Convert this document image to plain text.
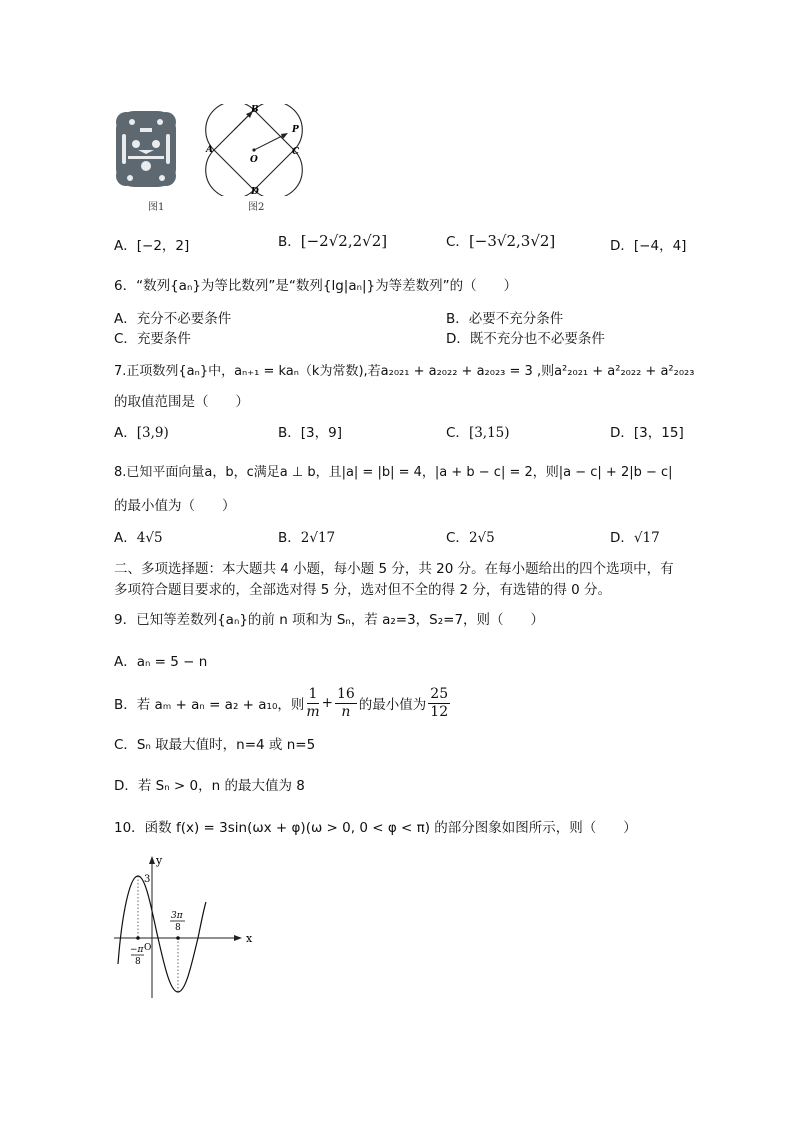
图1
B
P
C
A
O
D
图2
A．[−2，2]	B．[−2√2,2√2]	C．[−3√2,3√2]	D．[−4，4]
6．“数列{aₙ}为等比数列”是“数列{lg|aₙ|}为等差数列”的（　　）
A．充分不必要条件	B．必要不充分条件
C．充要条件	D．既不充分也不必要条件
7.正项数列{aₙ}中，aₙ₊₁ = kaₙ（k为常数),若a₂₀₂₁ + a₂₀₂₂ + a₂₀₂₃ = 3 ,则a²₂₀₂₁ + a²₂₀₂₂ + a²₂₀₂₃
的取值范围是（　　）
A．[3,9)	B．[3，9]	C．[3,15)	D．[3，15]
8.已知平面向量a，b，c满足a ⊥ b，且|a| = |b| = 4，|a + b − c| = 2，则|a − c| + 2|b − c|
的最小值为（　　）
A．4√5	B．2√17	C．2√5	D．√17
二、多项选择题：本大题共 4 小题，每小题 5 分，共 20 分。在每小题给出的四个选项中，有
多项符合题目要求的，全部选对得 5 分，选对但不全的得 2 分，有选错的得 0 分。
9．已知等差数列{aₙ}的前 n 项和为 Sₙ，若 a₂=3，S₂=7，则（　　）
A．aₙ = 5 − n
B．若 aₘ + aₙ = a₂ + a₁₀，则
1
m
+ $\frac{16}{n}$ 的最小值为
25
12
C．Sₙ 取最大值时，n=4 或 n=5
D．若 Sₙ > 0，n 的最大值为 8
10．函数 f(x) = 3sin(ωx + φ)(ω > 0, 0 < φ < π) 的部分图象如图所示，则（　　）
y
x
O
3
−π
8
3π
8
